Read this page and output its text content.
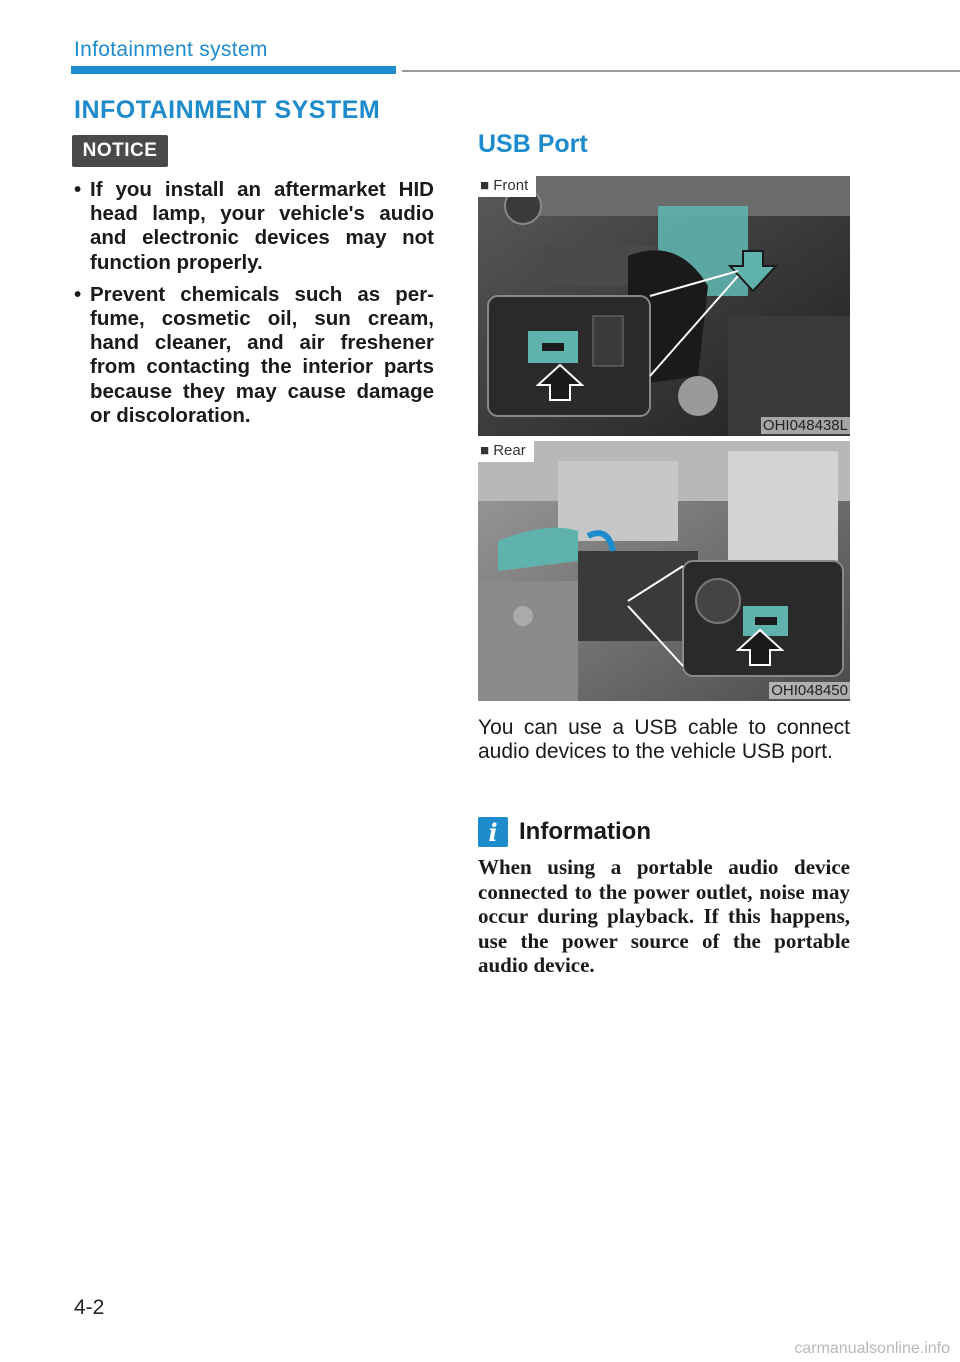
Infotainment system
INFOTAINMENT SYSTEM
NOTICE
• If you install an aftermarket HID head lamp, your vehicle's audio and electronic devices may not function properly.
• Prevent chemicals such as per-fume, cosmetic oil, sun cream, hand cleaner, and air freshener from contacting the interior parts because they may cause damage or discoloration.
USB Port
■ Front
OHI048438L
■ Rear
OHI048450
You can use a USB cable to connect audio devices to the vehicle USB port.
i Information
When using a portable audio device connected to the power outlet, noise may occur during playback. If this happens, use the power source of the portable audio device.
4-2
carmanualsonline.info
